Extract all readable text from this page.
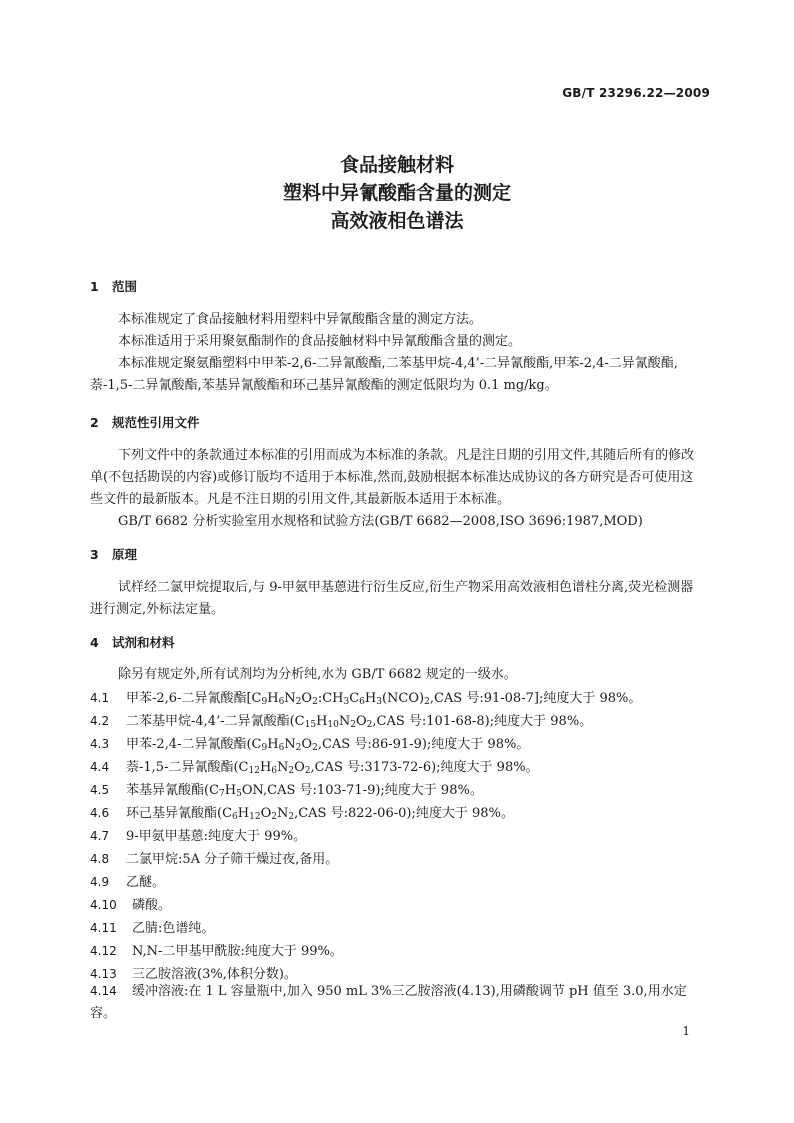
GB/T 23296.22—2009
食品接触材料
塑料中异氰酸酯含量的测定
高效液相色谱法
1 范围
本标准规定了食品接触材料用塑料中异氰酸酯含量的测定方法。
本标准适用于采用聚氨酯制作的食品接触材料中异氰酸酯含量的测定。
本标准规定聚氨酯塑料中甲苯-2,6-二异氰酸酯,二苯基甲烷-4,4’-二异氰酸酯,甲苯-2,4-二异氰酸酯,萘-1,5-二异氰酸酯,苯基异氰酸酯和环己基异氰酸酯的测定低限均为 0.1 mg/kg。
2 规范性引用文件
下列文件中的条款通过本标准的引用而成为本标准的条款。凡是注日期的引用文件,其随后所有的修改单(不包括勘误的内容)或修订版均不适用于本标准,然而,鼓励根据本标准达成协议的各方研究是否可使用这些文件的最新版本。凡是不注日期的引用文件,其最新版本适用于本标准。
GB/T 6682 分析实验室用水规格和试验方法(GB/T 6682—2008,ISO 3696:1987,MOD)
3 原理
试样经二氯甲烷提取后,与 9-甲氨甲基蒽进行衍生反应,衍生产物采用高效液相色谱柱分离,荧光检测器进行测定,外标法定量。
4 试剂和材料
除另有规定外,所有试剂均为分析纯,水为 GB/T 6682 规定的一级水。
4.1 甲苯-2,6-二异氰酸酯[$C_9H_6N_2O_2:CH_3C_6H_3(NCO)_2,CAS$ 号:91-08-7];纯度大于 98%。
4.2 二苯基甲烷-4,4’-二异氰酸酯($C_{15}H_{10}N_2O_2,CAS$ 号:101-68-8);纯度大于 98%。
4.3 甲苯-2,4-二异氰酸酯($C_9H_6N_2O_2,CAS$ 号:86-91-9);纯度大于 98%。
4.4 萘-1,5-二异氰酸酯($C_{12}H_6N_2O_2,CAS$ 号:3173-72-6);纯度大于 98%。
4.5 苯基异氰酸酯($C_7H_5ON,CAS$ 号:103-71-9);纯度大于 98%。
4.6 环己基异氰酸酯($C_6H_{12}O_2N_2,CAS$ 号:822-06-0);纯度大于 98%。
4.7 9-甲氨甲基蒽:纯度大于 99%。
4.8 二氯甲烷:5A 分子筛干燥过夜,备用。
4.9 乙醚。
4.10 磷酸。
4.11 乙腈:色谱纯。
4.12 N,N-二甲基甲酰胺:纯度大于 99%。
4.13 三乙胺溶液(3%,体积分数)。
4.14 缓冲溶液:在 1 L 容量瓶中,加入 950 mL 3%三乙胺溶液(4.13),用磷酸调节 pH 值至 3.0,用水定容。
1
